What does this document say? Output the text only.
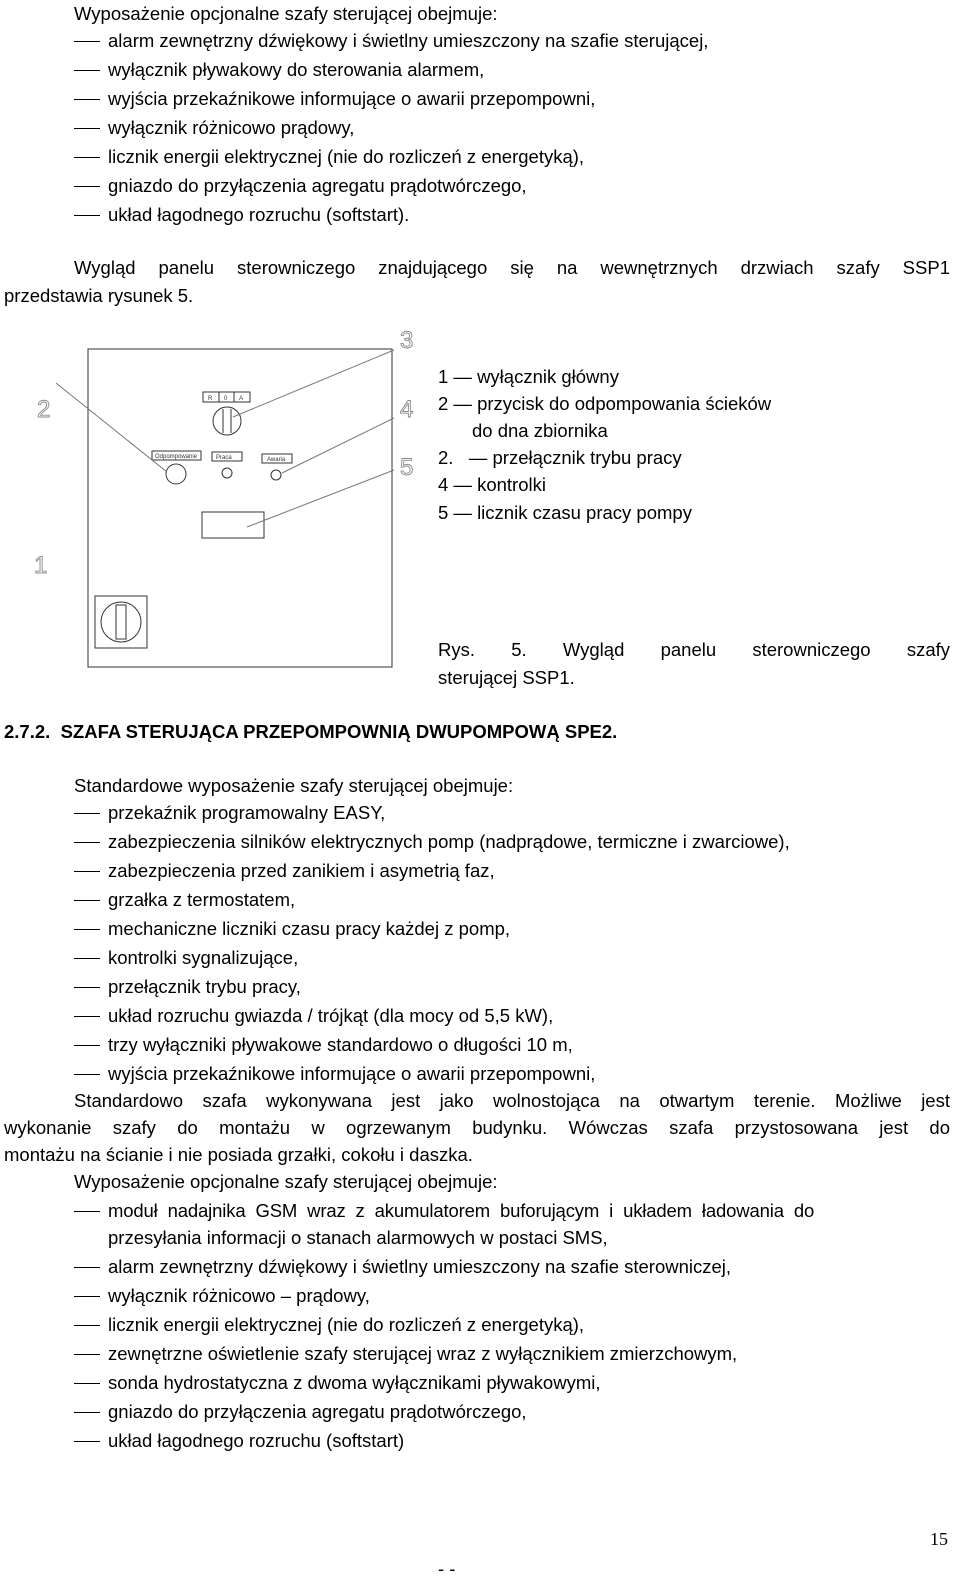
Wyposażenie opcjonalne szafy sterującej obejmuje:
alarm zewnętrzny dźwiękowy i świetlny umieszczony na szafie sterującej,
wyłącznik pływakowy do sterowania alarmem,
wyjścia przekaźnikowe informujące o awarii przepompowni,
wyłącznik różnicowo prądowy,
licznik energii elektrycznej (nie do rozliczeń z energetyką),
gniazdo do przyłączenia agregatu prądotwórczego,
układ łagodnego rozruchu (softstart).
Wygląd panelu sterowniczego znajdującego się na wewnętrznych drzwiach szafy SSP1
przedstawia rysunek 5.
1
2
3
4
5
R 0 A
Odpompowanie	Praca	Awaria
1 — wyłącznik główny
2 — przycisk do odpompowania ścieków
do dna zbiornika
2.   — przełącznik trybu pracy
4 — kontrolki
5 — licznik czasu pracy pompy
Rys. 5. Wygląd panelu sterowniczego szafy
sterującej SSP1.
2.7.2.  SZAFA STERUJĄCA PRZEPOMPOWNIĄ DWUPOMPOWĄ SPE2.
Standardowe wyposażenie szafy sterującej obejmuje:
przekaźnik programowalny EASY,
zabezpieczenia silników elektrycznych pomp (nadprądowe, termiczne i zwarciowe),
zabezpieczenia przed zanikiem i asymetrią faz,
grzałka z termostatem,
mechaniczne liczniki czasu pracy każdej z pomp,
kontrolki sygnalizujące,
przełącznik trybu pracy,
układ rozruchu gwiazda / trójkąt (dla mocy od 5,5 kW),
trzy wyłączniki pływakowe standardowo o długości 10 m,
wyjścia przekaźnikowe informujące o awarii przepompowni,
Standardowo szafa wykonywana jest jako wolnostojąca na otwartym terenie. Możliwe jest
wykonanie szafy do montażu w ogrzewanym budynku. Wówczas szafa przystosowana jest do
montażu na ścianie i nie posiada grzałki, cokołu i daszka.
Wyposażenie opcjonalne szafy sterującej obejmuje:
moduł  nadajnika  GSM  wraz  z  akumulatorem  buforującym  i  układem  ładowania  do
przesyłania informacji o stanach alarmowych w postaci SMS,
alarm zewnętrzny dźwiękowy i świetlny umieszczony na szafie sterowniczej,
wyłącznik różnicowo – prądowy,
licznik energii elektrycznej (nie do rozliczeń z energetyką),
zewnętrzne oświetlenie szafy sterującej wraz z wyłącznikiem zmierzchowym,
sonda hydrostatyczna z dwoma wyłącznikami pływakowymi,
gniazdo do przyłączenia agregatu prądotwórczego,
układ łagodnego rozruchu (softstart)
15
- -
